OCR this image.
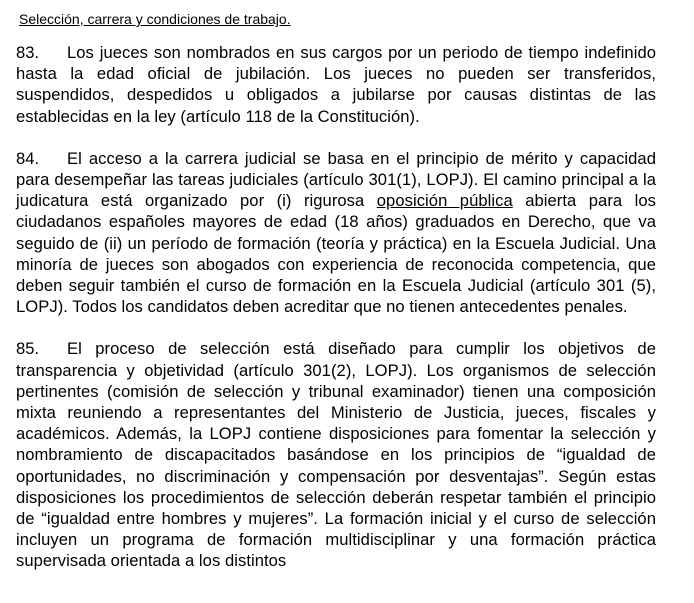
Selección, carrera y condiciones de trabajo.

83. Los jueces son nombrados en sus cargos por un periodo de tiempo indefinido hasta la edad oficial de jubilación. Los jueces no pueden ser transferidos, suspendidos, despedidos u obligados a jubilarse por causas distintas de las establecidas en la ley (artículo 118 de la Constitución).

84. El acceso a la carrera judicial se basa en el principio de mérito y capacidad para desempeñar las tareas judiciales (artículo 301(1), LOPJ). El camino principal a la judicatura está organizado por (i) rigurosa oposición pública abierta para los ciudadanos españoles mayores de edad (18 años) graduados en Derecho, que va seguido de (ii) un período de formación (teoría y práctica) en la Escuela Judicial. Una minoría de jueces son abogados con experiencia de reconocida competencia, que deben seguir también el curso de formación en la Escuela Judicial (artículo 301 (5), LOPJ). Todos los candidatos deben acreditar que no tienen antecedentes penales.

85. El proceso de selección está diseñado para cumplir los objetivos de transparencia y objetividad (artículo 301(2), LOPJ). Los organismos de selección pertinentes (comisión de selección y tribunal examinador) tienen una composición mixta reuniendo a representantes del Ministerio de Justicia, jueces, fiscales y académicos. Además, la LOPJ contiene disposiciones para fomentar la selección y nombramiento de discapacitados basándose en los principios de “igualdad de oportunidades, no discriminación y compensación por desventajas”. Según estas disposiciones los procedimientos de selección deberán respetar también el principio de “igualdad entre hombres y mujeres”. La formación inicial y el curso de selección incluyen un programa de formación multidisciplinar y una formación práctica supervisada orientada a los distintos
